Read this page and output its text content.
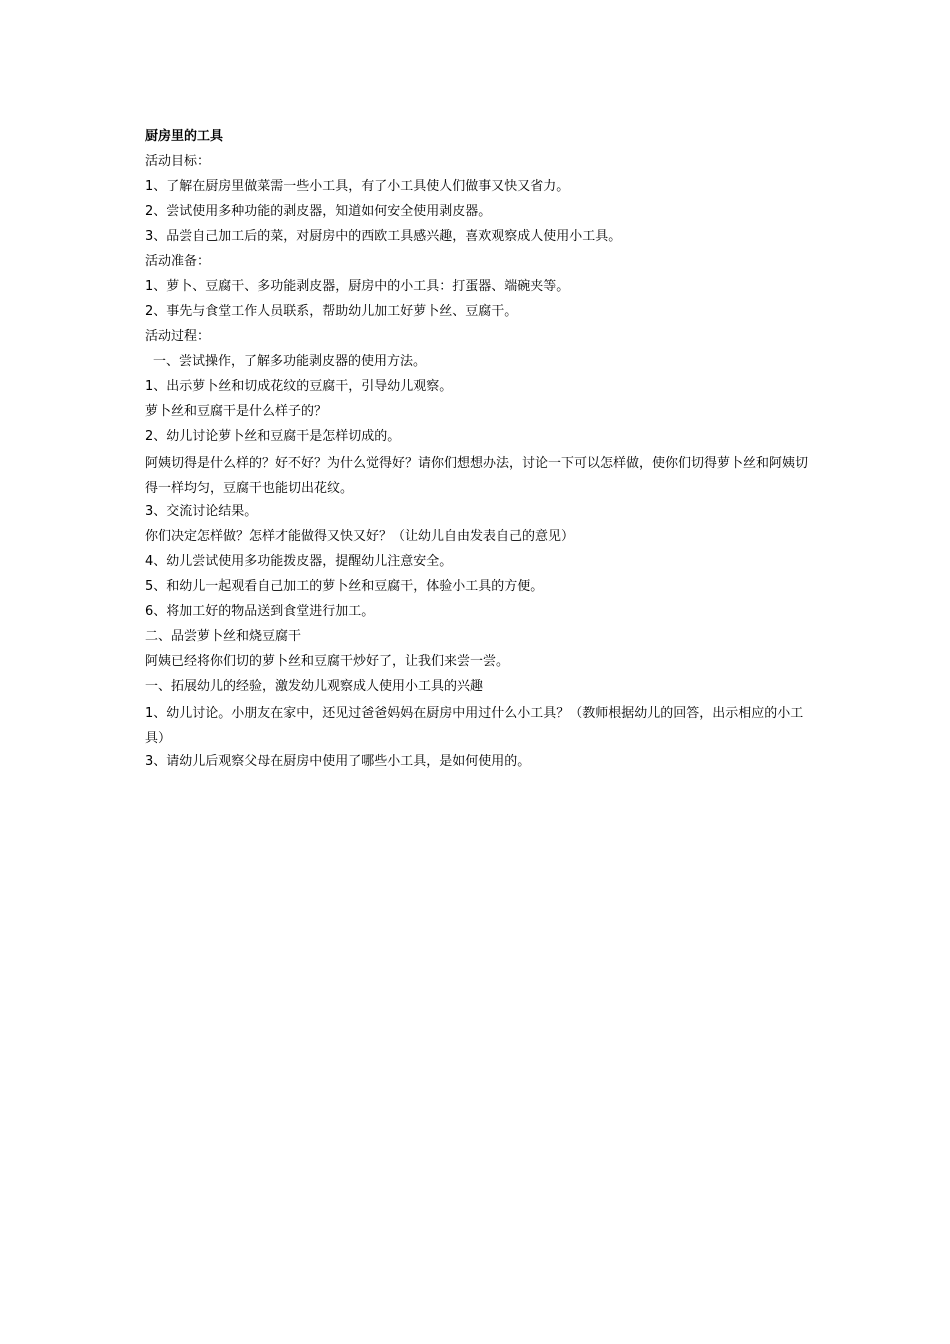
厨房里的工具
活动目标：
1、了解在厨房里做菜需一些小工具，有了小工具使人们做事又快又省力。
2、尝试使用多种功能的剥皮器，知道如何安全使用剥皮器。
3、品尝自己加工后的菜，对厨房中的西欧工具感兴趣，喜欢观察成人使用小工具。
活动准备：
1、萝卜、豆腐干、多功能剥皮器，厨房中的小工具：打蛋器、端碗夹等。
2、事先与食堂工作人员联系，帮助幼儿加工好萝卜丝、豆腐干。
活动过程：
一、尝试操作，了解多功能剥皮器的使用方法。
1、出示萝卜丝和切成花纹的豆腐干，引导幼儿观察。
萝卜丝和豆腐干是什么样子的？
2、幼儿讨论萝卜丝和豆腐干是怎样切成的。
阿姨切得是什么样的？好不好？为什么觉得好？请你们想想办法，讨论一下可以怎样做，使你们切得萝卜丝和阿姨切得一样均匀，豆腐干也能切出花纹。
3、交流讨论结果。
你们决定怎样做？怎样才能做得又快又好？（让幼儿自由发表自己的意见）
4、幼儿尝试使用多功能拨皮器，提醒幼儿注意安全。
5、和幼儿一起观看自己加工的萝卜丝和豆腐干，体验小工具的方便。
6、将加工好的物品送到食堂进行加工。
二、品尝萝卜丝和烧豆腐干
阿姨已经将你们切的萝卜丝和豆腐干炒好了，让我们来尝一尝。
一、拓展幼儿的经验，激发幼儿观察成人使用小工具的兴趣
1、幼儿讨论。小朋友在家中，还见过爸爸妈妈在厨房中用过什么小工具？（教师根据幼儿的回答，出示相应的小工具）
3、请幼儿后观察父母在厨房中使用了哪些小工具，是如何使用的。
